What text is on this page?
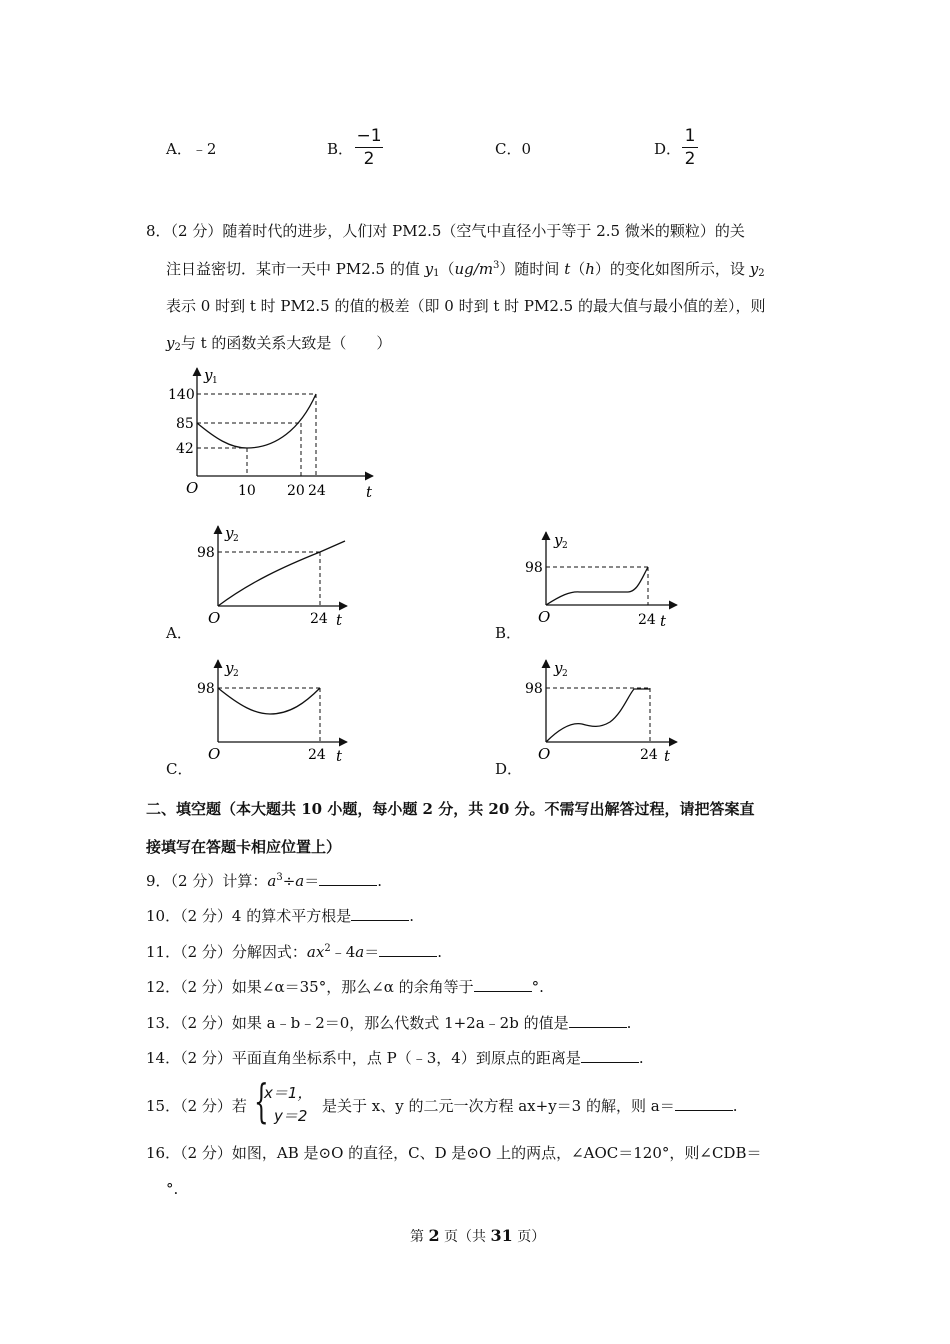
A．﹣2	B．
−1
2	C．0	D．
1
2
8．（2 分）随着时代的进步，人们对 PM2.5（空气中直径小于等于 2.5 微米的颗粒）的关
注日益密切．某市一天中 PM2.5 的值 $y_1(ug/m^3)$随时间 t（h）的变化如图所示，设 $y_2$
表示 0 时到 t 时 PM2.5 的值的极差（即 0 时到 t 时 PM2.5 的最大值与最小值的差），则
$y_2$与 t 的函数关系大致是（　　）
y 1
140
85
42
O	10 20 24	t
y 2
98
O	24 t
A．
y 2
98
O	24 t
B．
y 2
98
O	24 t
C．
y 2
98
O	24 t
D．
二、填空题（本大题共 10 小题，每小题 2 分，共 20 分。不需写出解答过程，请把答案直
接填写在答题卡相应位置上）
9．（2 分）计算：$a^3\div a=$	.
10．（2 分）4 的算术平方根是	.
11．（2 分）分解因式：$ax^2﹣4a=$	.
12．（2 分）如果∠α＝35°，那么∠α 的余角等于	°.
13．（2 分）如果 a﹣b﹣2＝0，那么代数式 1+2a﹣2b 的值是	.
14．（2 分）平面直角坐标系中，点 P（﹣3，4）到原点的距离是	.
15．（2 分）若 {
x＝1，
y＝2
是关于 x、y 的二元一次方程 ax+y＝3 的解，则 a＝	.
16．（2 分）如图，AB 是⊙O 的直径，C、D 是⊙O 上的两点，∠AOC＝120°，则∠CDB＝
°.
第 2 页（共 31 页）
